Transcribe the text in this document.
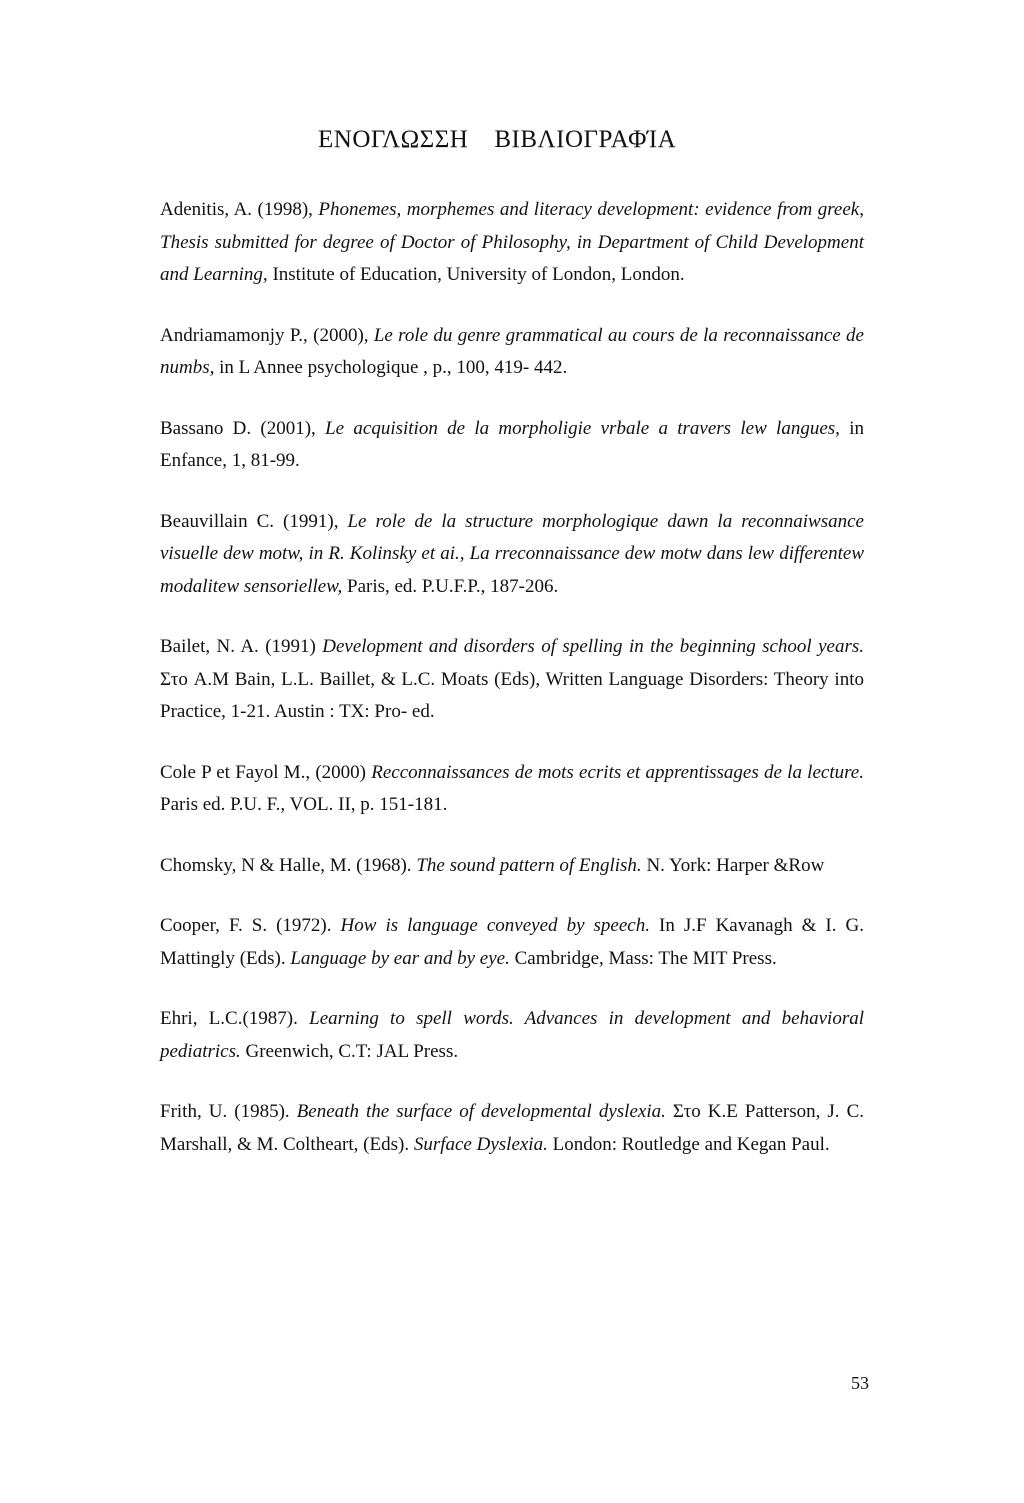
ΕΝΟΓΛΩΣΣΗ ΒΙΒΛΙΟΓΡΑΦΊΑ

Adenitis, A. (1998), Phonemes, morphemes and literacy development: evidence from greek, Thesis submitted for degree of Doctor of Philosophy, in Department of Child Development and Learning, Institute of Education, University of London, London.

Andriamamonjy P., (2000), Le role du genre grammatical au cours de la reconnaissance de numbs, in L Annee psychologique , p., 100, 419- 442.

Bassano D. (2001), Le acquisition de la morpholigie vrbale a travers lew langues, in Enfance, 1, 81-99.

Beauvillain C. (1991), Le role de la structure morphologique dawn la reconnaiwsance visuelle dew motw, in R. Kolinsky et ai., La rreconnaissance dew motw dans lew differentew modalitew sensoriellew, Paris, ed. P.U.F.P., 187-206.

Bailet, N. A. (1991) Development and disorders of spelling in the beginning school years. Στο A.M Bain, L.L. Baillet, & L.C. Moats (Eds), Written Language Disorders: Theory into Practice, 1-21. Austin : TX: Pro- ed.

Cole P et Fayol M., (2000) Recconnaissances de mots ecrits et apprentissages de la lecture. Paris ed. P.U. F., VOL. II, p. 151-181.

Chomsky, N & Halle, M. (1968). The sound pattern of English. N. York: Harper &Row

Cooper, F. S. (1972). How is language conveyed by speech. In J.F Kavanagh & I. G. Mattingly (Eds). Language by ear and by eye. Cambridge, Mass: The MIT Press.

Ehri, L.C.(1987). Learning to spell words. Advances in development and behavioral pediatrics. Greenwich, C.T: JAL Press.

Frith, U. (1985). Beneath the surface of developmental dyslexia. Στο K.E Patterson, J. C. Marshall, & M. Coltheart, (Eds). Surface Dyslexia. London: Routledge and Kegan Paul.

53
